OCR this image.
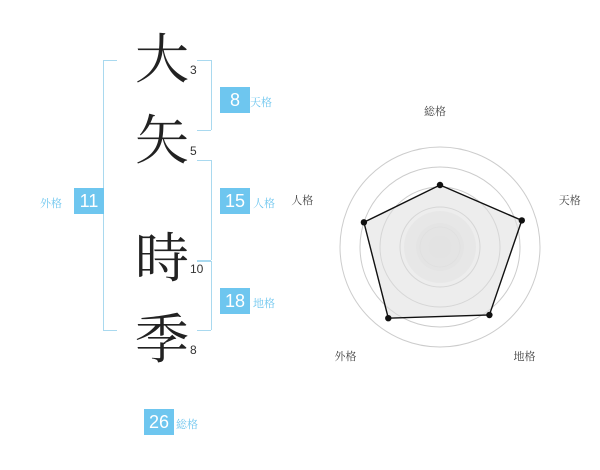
大
矢
時
季
3
5
10
8
8 天格
15 人格
18 地格
11
外格
26 総格
総格
天格
地格
外格
人格
